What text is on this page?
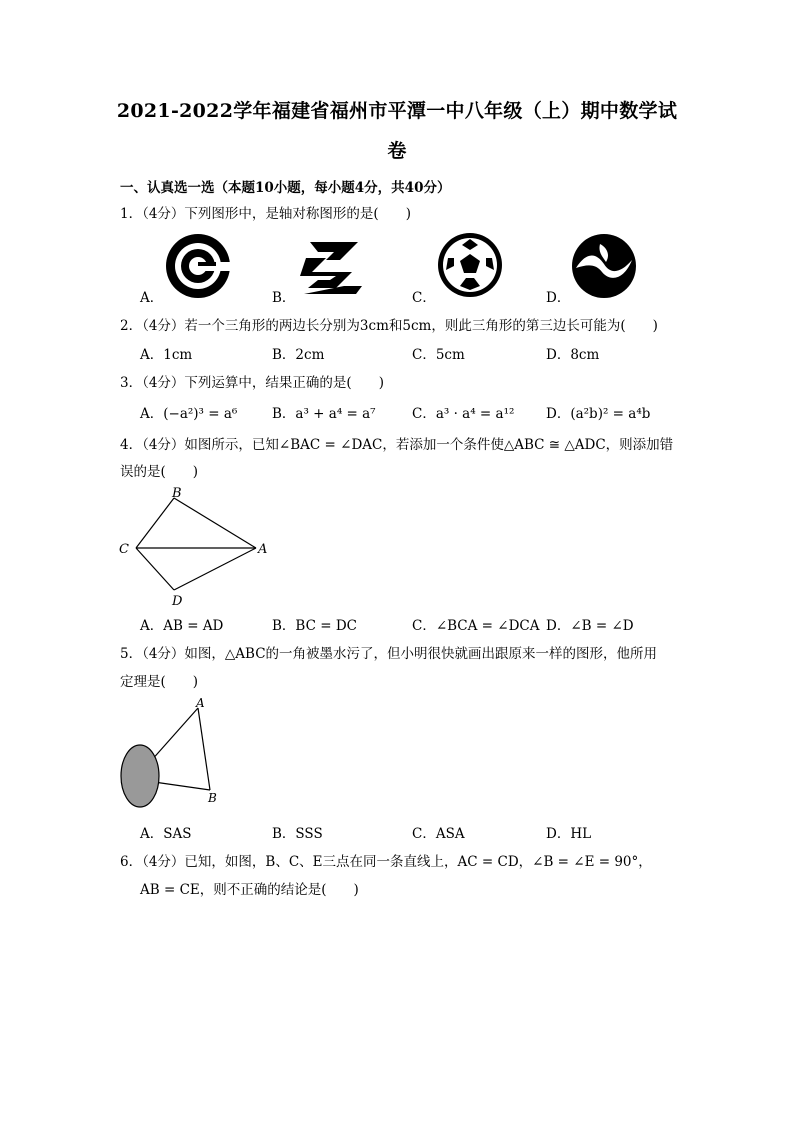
2021-2022学年福建省福州市平潭一中八年级（上）期中数学试
卷
一、认真选一选（本题10小题，每小题4分，共40分）
1．（4分）下列图形中，是轴对称图形的是(　　)
A．	B．	C．	D．
2．（4分）若一个三角形的两边长分别为3cm和5cm，则此三角形的第三边长可能为(　　)
A．1cm	B．2cm	C．5cm	D．8cm
3．（4分）下列运算中，结果正确的是(　　)
A．(−a²)³ = a⁶	B．a³ + a⁴ = a⁷	C．a³ · a⁴ = a¹² D．(a²b)² = a⁴b
4．（4分）如图所示，已知∠BAC = ∠DAC，若添加一个条件使△ABC ≅ △ADC，则添加错
误的是(　　)
B
C	A
D
A．AB = AD	B．BC = DC	C．∠BCA = ∠DCA D．∠B = ∠D
5．（4分）如图，△ABC的一角被墨水污了，但小明很快就画出跟原来一样的图形，他所用
定理是(　　)
A
B
A．SAS	B．SSS	C．ASA	D．HL
6．（4分）已知，如图，B、C、E三点在同一条直线上，AC = CD，∠B = ∠E = 90°，
AB = CE，则不正确的结论是(　　)
